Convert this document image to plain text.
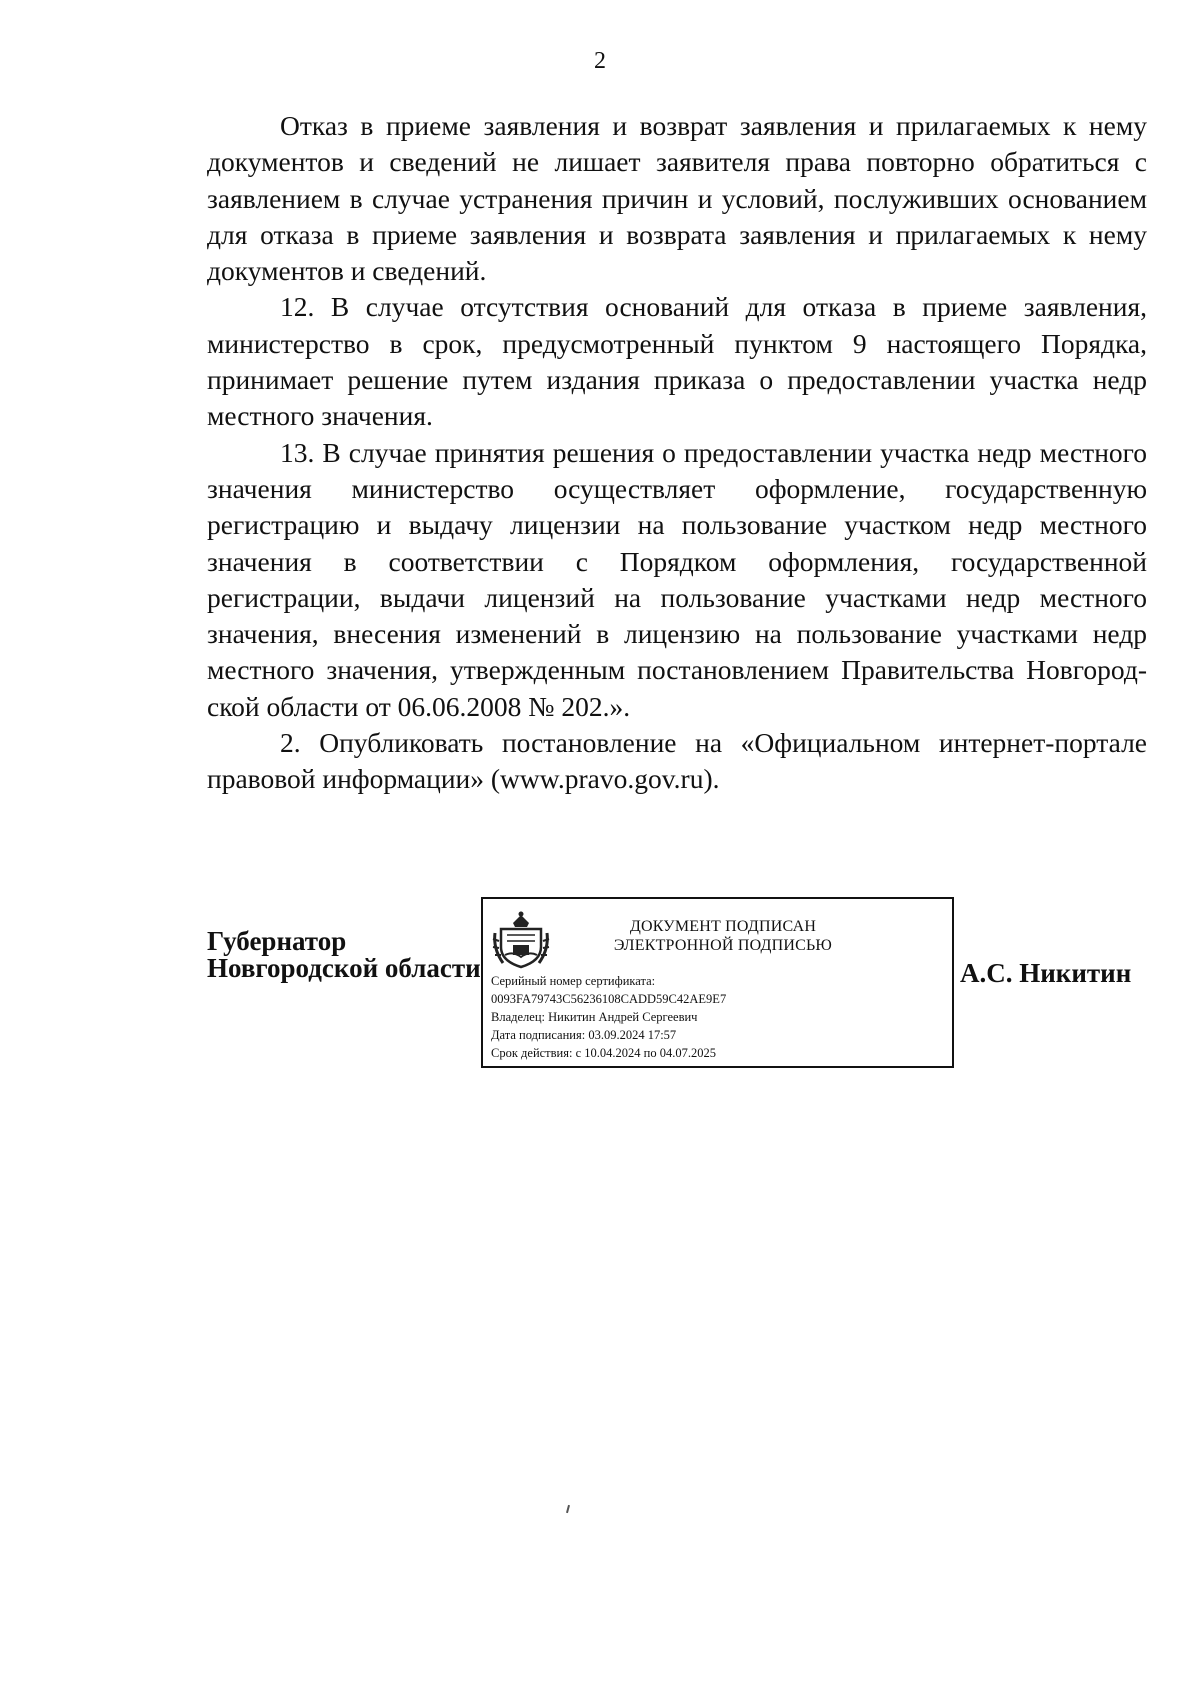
2

Отказ в приеме заявления и возврат заявления и прилагаемых к нему документов и сведений не лишает заявителя права повторно обратиться с заявлением в случае устранения причин и условий, послуживших основанием для отказа в приеме заявления и возврата заявления и прилагаемых к нему документов и сведений.

12. В случае отсутствия оснований для отказа в приеме заявления, министерство в срок, предусмотренный пунктом 9 настоящего Порядка, принимает решение путем издания приказа о предоставлении участка недр местного значения.

13. В случае принятия решения о предоставлении участка недр местного значения министерство осуществляет оформление, государственную регистрацию и выдачу лицензии на пользование участком недр местного значения в соответствии с Порядком оформления, государственной регистрации, выдачи лицензий на пользование участками недр местного значения, внесения изменений в лицензию на пользование участками недр местного значения, утвержденным постановлением Правительства Новгородской области от 06.06.2008 № 202.».

2. Опубликовать постановление на «Официальном интернет-портале правовой информации» (www.pravo.gov.ru).

Губернатор
Новгородской области
ДОКУМЕНТ ПОДПИСАН
ЭЛЕКТРОННОЙ ПОДПИСЬЮ
Серийный номер сертификата:
0093FA79743C56236108CADD59C42AE9E7
Владелец: Никитин Андрей Сергеевич
Дата подписания: 03.09.2024 17:57
Срок действия: с 10.04.2024 по 04.07.2025
А.С. Никитин
